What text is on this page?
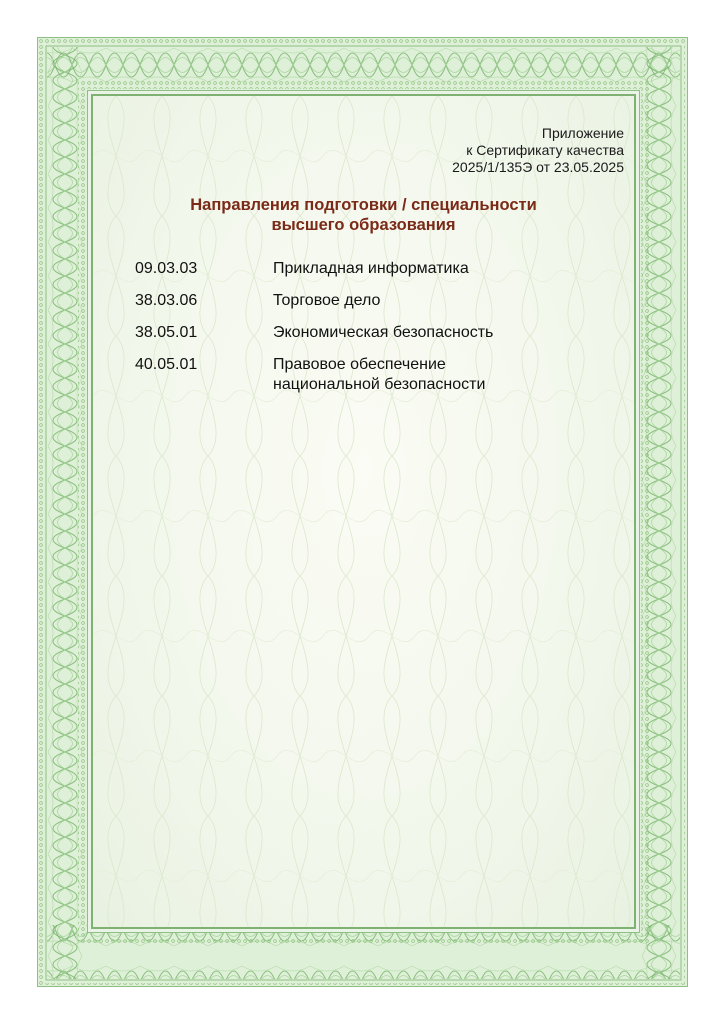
Приложение
к Сертификату качества
2025/1/135Э от 23.05.2025
Направления подготовки / специальности
высшего образования
09.03.03	Прикладная информатика
38.03.06	Торговое дело
38.05.01	Экономическая безопасность
40.05.01	Правовое обеспечение
национальной безопасности
